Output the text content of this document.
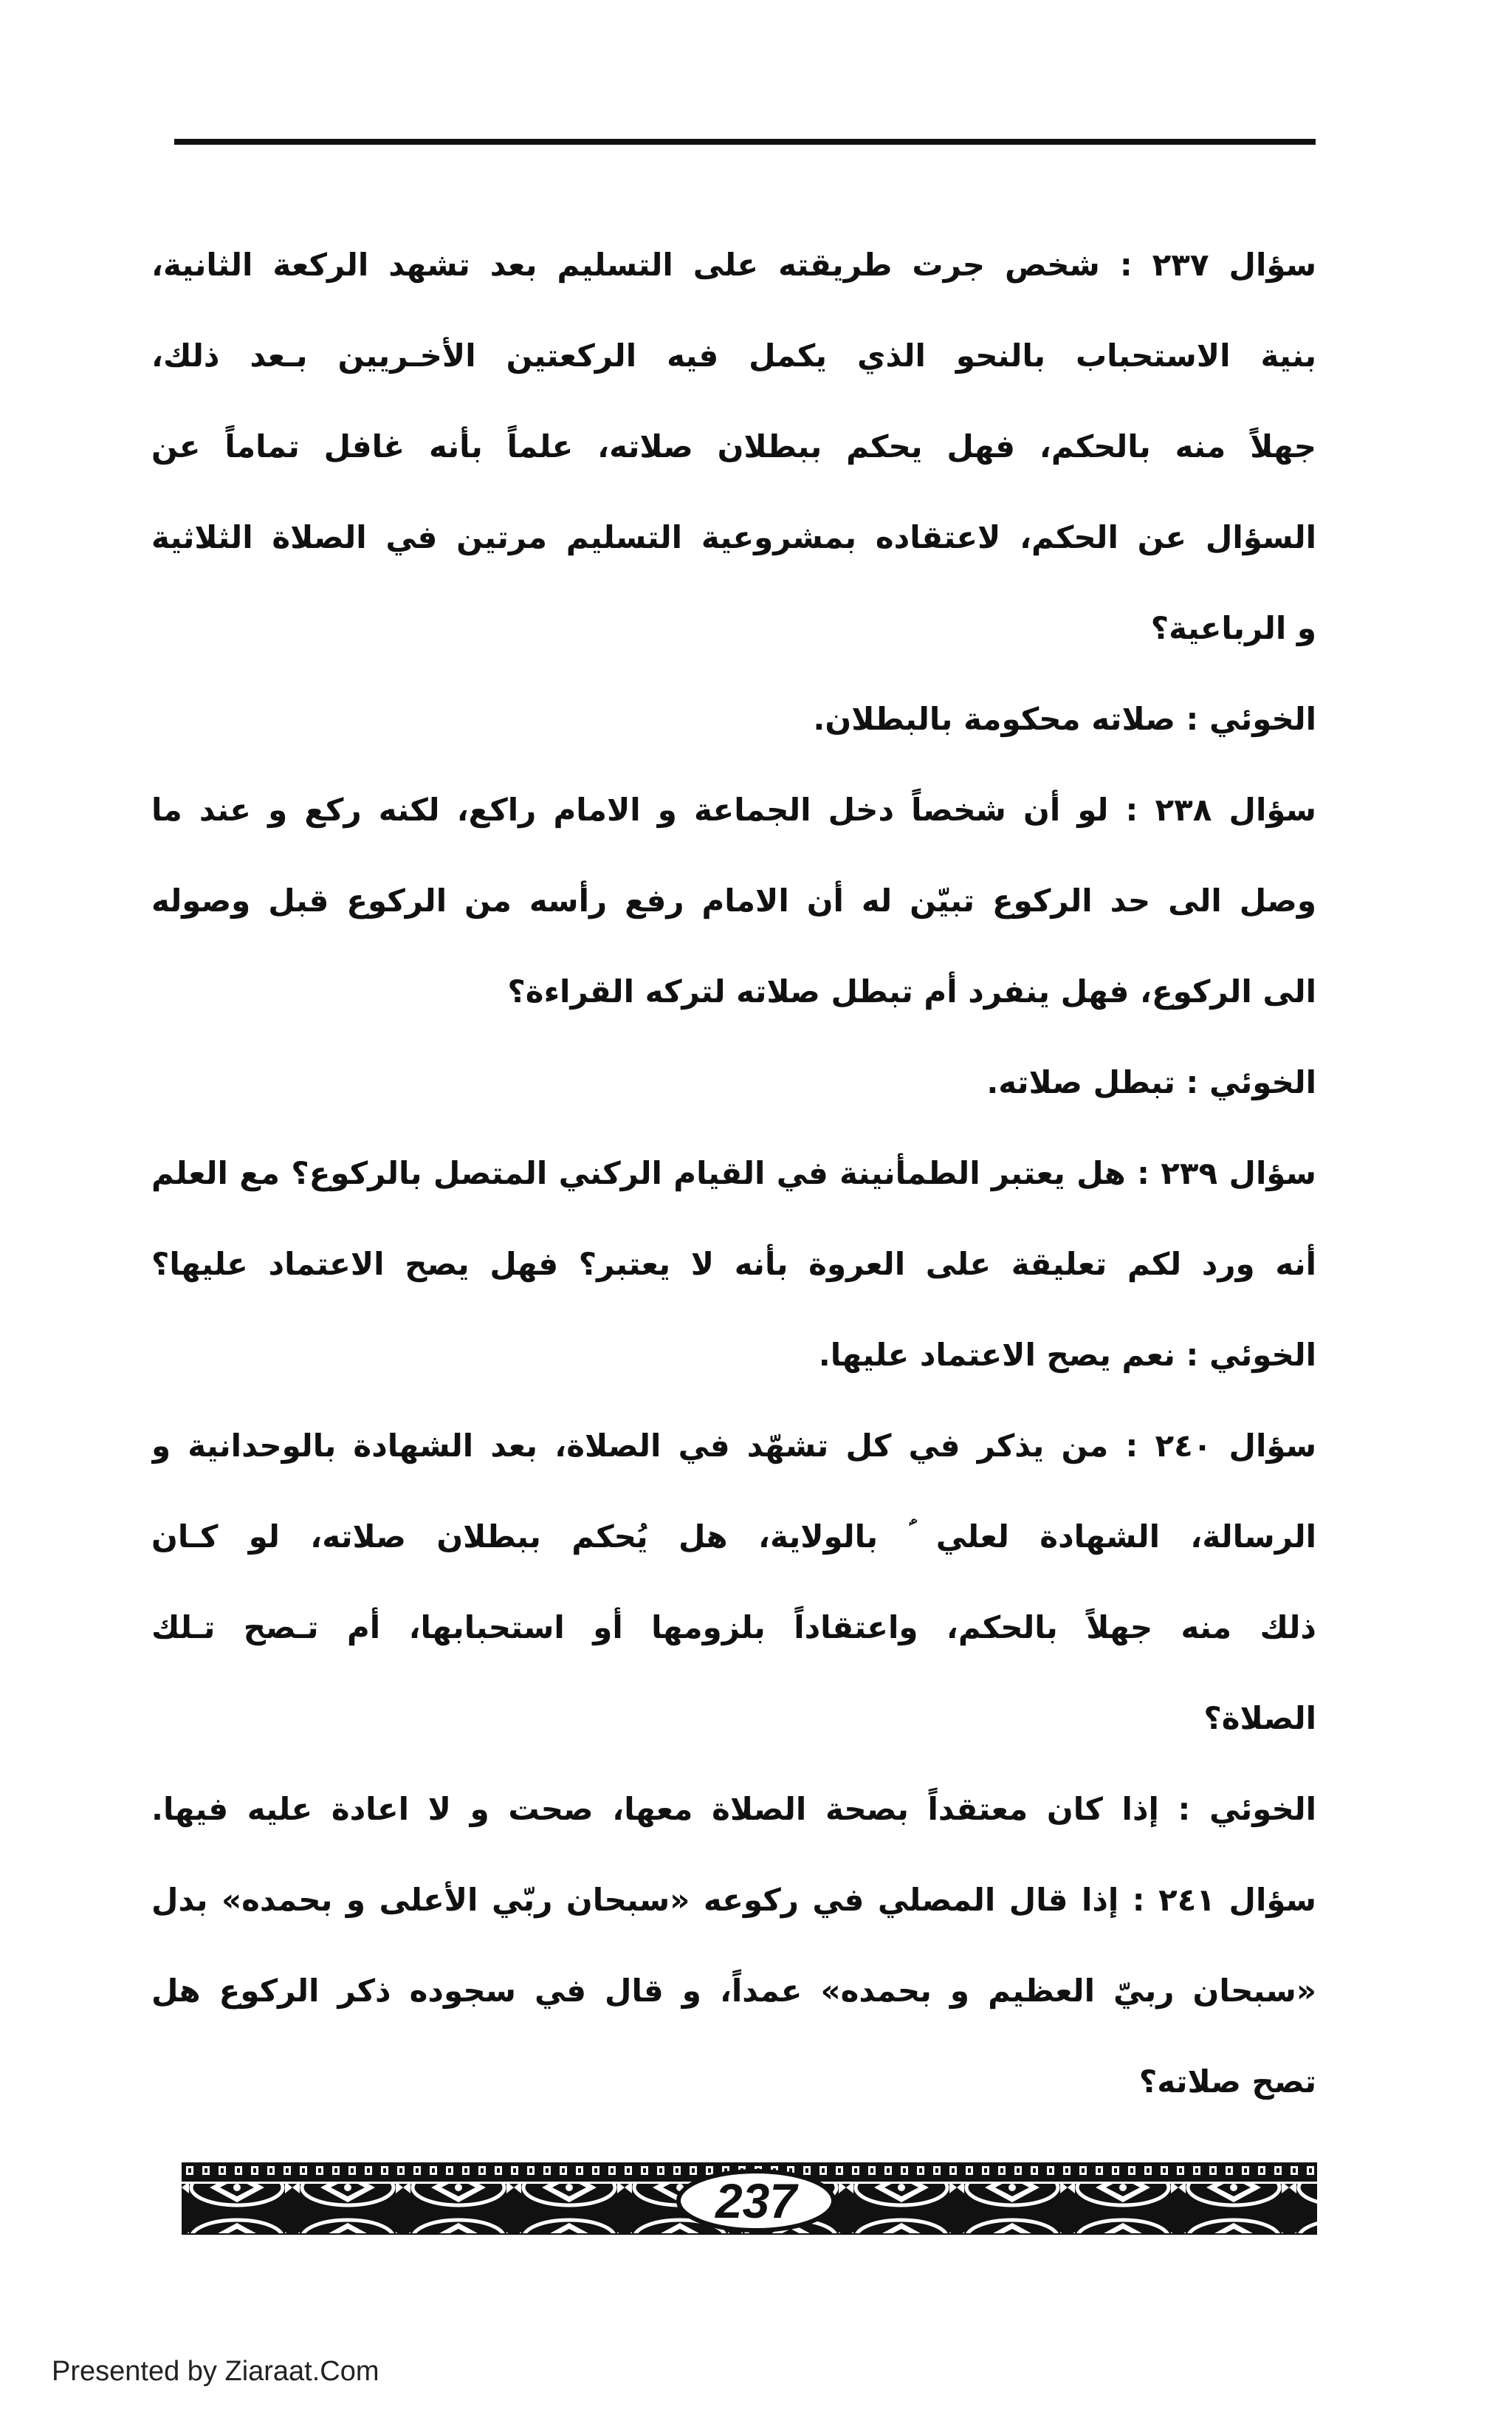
سؤال ٢٣٧ : شخص جرت طريقته على التسليم بعد تشهد الركعة الثانية،
بنية الاستحباب بالنحو الذي يكمل فيه الركعتين الأخـريين بـعد ذلك،
جهلاً منه بالحكم، فهل يحكم ببطلان صلاته، علماً بأنه غافل تماماً عن
السؤال عن الحكم، لاعتقاده بمشروعية التسليم مرتين في الصلاة الثلاثية
و الرباعية؟
الخوئي : صلاته محكومة بالبطلان.
سؤال ٢٣٨ : لو أن شخصاً دخل الجماعة و الامام راكع، لكنه ركع و عند ما
وصل الى حد الركوع تبيّن له أن الامام رفع رأسه من الركوع قبل وصوله
الى الركوع، فهل ينفرد أم تبطل صلاته لتركه القراءة؟
الخوئي : تبطل صلاته.
سؤال ٢٣٩ : هل يعتبر الطمأنينة في القيام الركني المتصل بالركوع؟ مع العلم
أنه ورد لكم تعليقة على العروة بأنه لا يعتبر؟ فهل يصح الاعتماد عليها؟
الخوئي : نعم يصح الاعتماد عليها.
سؤال ٢٤٠ : من يذكر في كل تشهّد في الصلاة، بعد الشهادة بالوحدانية و
الرسالة، الشهادة لعلي ؑ بالولاية، هل يُحكم ببطلان صلاته، لو كـان
ذلك منه جهلاً بالحكم، واعتقاداً بلزومها أو استحبابها، أم تـصح تـلك
الصلاة؟
الخوئي : إذا كان معتقداً بصحة الصلاة معها، صحت و لا اعادة عليه فيها.
سؤال ٢٤١ : إذا قال المصلي في ركوعه «سبحان ربّي الأعلى و بحمده» بدل
«سبحان ربيّ العظيم و بحمده» عمداً، و قال في سجوده ذكر الركوع هل
تصح صلاته؟
237
Presented by Ziaraat.Com
